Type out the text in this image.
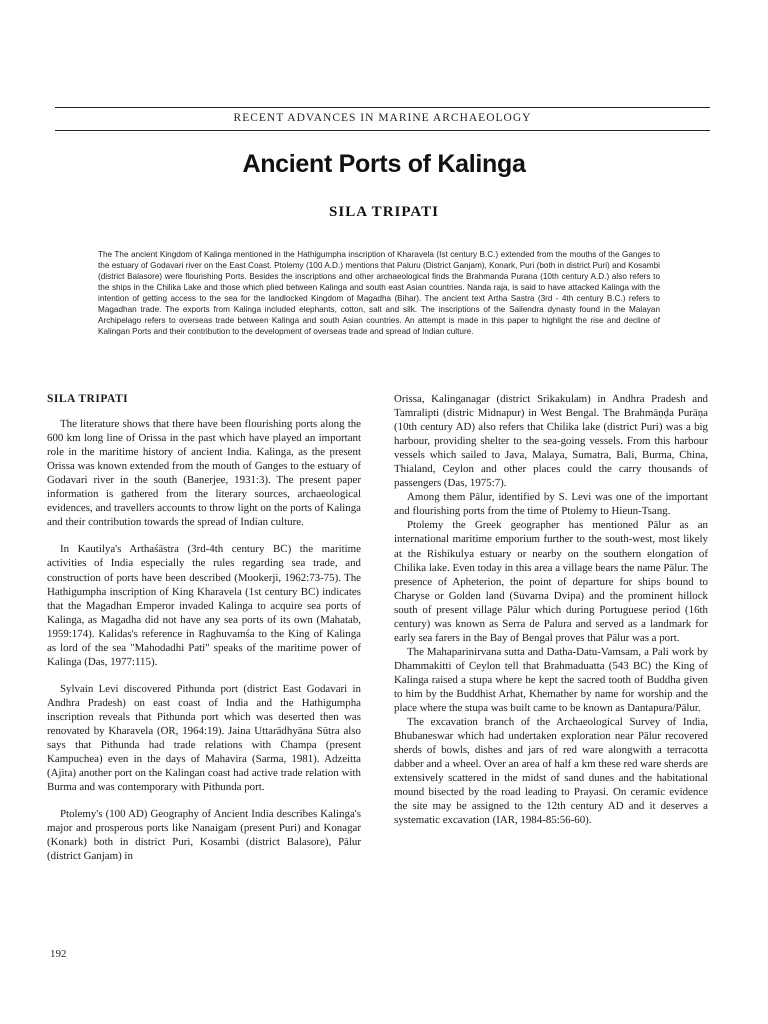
RECENT ADVANCES IN MARINE ARCHAEOLOGY
Ancient Ports of Kalinga
SILA TRIPATI
The The ancient Kingdom of Kalinga mentioned in the Hathigumpha inscription of Kharavela (Ist century B.C.) extended from the mouths of the Ganges to the estuary of Godavari river on the East Coast. Ptolemy (100 A.D.) mentions that Paluru (District Ganjam), Konark, Puri (both in district Puri) and Kosambi (district Balasore) were flourishing Ports. Besides the inscriptions and other archaeological finds the Brahmanda Purana (10th century A.D.) also refers to the ships in the Chilika Lake and those which plied between Kalinga and south east Asian countries. Nanda raja, is said to have attacked Kalinga with the intention of getting access to the sea for the landlocked Kingdom of Magadha (Bihar). The ancient text Artha Sastra (3rd - 4th century B.C.) refers to Magadhan trade. The exports from Kalinga included elephants, cotton, salt and silk. The inscriptions of the Sailendra dynasty found in the Malayan Archipelago refers to overseas trade between Kalinga and south Asian countries. An attempt is made in this paper to highlight the rise and decline of Kalingan Ports and their contribution to the development of overseas trade and spread of Indian culture.
SILA TRIPATI

The literature shows that there have been flourishing ports along the 600 km long line of Orissa in the past which have played an important role in the maritime history of ancient India. Kalinga, as the present Orissa was known extended from the mouth of Ganges to the estuary of Godavari river in the south (Banerjee, 1931:3). The present paper information is gathered from the literary sources, archaeological evidences, and travellers accounts to throw light on the ports of Kalinga and their contribution towards the spread of Indian culture.

In Kautilya's Arthaśāstra (3rd-4th century BC) the maritime activities of India especially the rules regarding sea trade, and construction of ports have been described (Mookerji, 1962:73-75). The Hathigumpha inscription of King Kharavela (1st century BC) indicates that the Magadhan Emperor invaded Kalinga to acquire sea ports of Kalinga, as Magadha did not have any sea ports of its own (Mahatab, 1959:174). Kalidas's reference in Raghuvamśa to the King of Kalinga as lord of the sea "Mahodadhi Pati" speaks of the maritime power of Kalinga (Das, 1977:115).

Sylvain Levi discovered Pithunda port (district East Godavari in Andhra Pradesh) on east coast of India and the Hathigumpha inscription reveals that Pithunda port which was deserted then was renovated by Kharavela (OR, 1964:19). Jaina Uttarādhyāna Sūtra also says that Pithunda had trade relations with Champa (present Kampuchea) even in the days of Mahavira (Sarma, 1981). Adzeitta (Ajita) another port on the Kalingan coast had active trade relation with Burma and was contemporary with Pithunda port.

Ptolemy's (100 AD) Geography of Ancient India describes Kalinga's major and prosperous ports like Nanaigam (present Puri) and Konagar (Konark) both in district Puri, Kosambi (district Balasore), Pālur (district Ganjam) in

Orissa, Kalinganagar (district Srikakulam) in Andhra Pradesh and Tamralipti (distric Midnapur) in West Bengal. The Brahmāṇḍa Purāṇa (10th century AD) also refers that Chilika lake (district Puri) was a big harbour, providing shelter to the sea-going vessels. From this harbour vessels which sailed to Java, Malaya, Sumatra, Bali, Burma, China, Thialand, Ceylon and other places could the carry thousands of passengers (Das, 1975:7).

Among them Pālur, identified by S. Levi was one of the important and flourishing ports from the time of Ptolemy to Hieun-Tsang.

Ptolemy the Greek geographer has mentioned Pālur as an international maritime emporium further to the south-west, most likely at the Rishikulya estuary or nearby on the southern elongation of Chilika lake. Even today in this area a village bears the name Pālur. The presence of Apheterion, the point of departure for ships bound to Charyse or Golden land (Suvarna Dvipa) and the prominent hillock south of present village Pālur which during Portuguese period (16th century) was known as Serra de Palura and served as a landmark for early sea farers in the Bay of Bengal proves that Pālur was a port.

The Mahaparinirvana sutta and Datha-Datu-Vamsam, a Pali work by Dhammakitti of Ceylon tell that Brahmaduatta (543 BC) the King of Kalinga raised a stupa where he kept the sacred tooth of Buddha given to him by the Buddhist Arhat, Khemather by name for worship and the place where the stupa was built came to be known as Dantapura/Pālur.

The excavation branch of the Archaeological Survey of India, Bhubaneswar which had undertaken exploration near Pālur recovered sherds of bowls, dishes and jars of red ware alongwith a terracotta dabber and a wheel. Over an area of half a km these red ware sherds are extensively scattered in the midst of sand dunes and the habitational mound bisected by the road leading to Prayasi. On ceramic evidence the site may be assigned to the 12th century AD and it deserves a systematic excavation (IAR, 1984-85:56-60).

192
